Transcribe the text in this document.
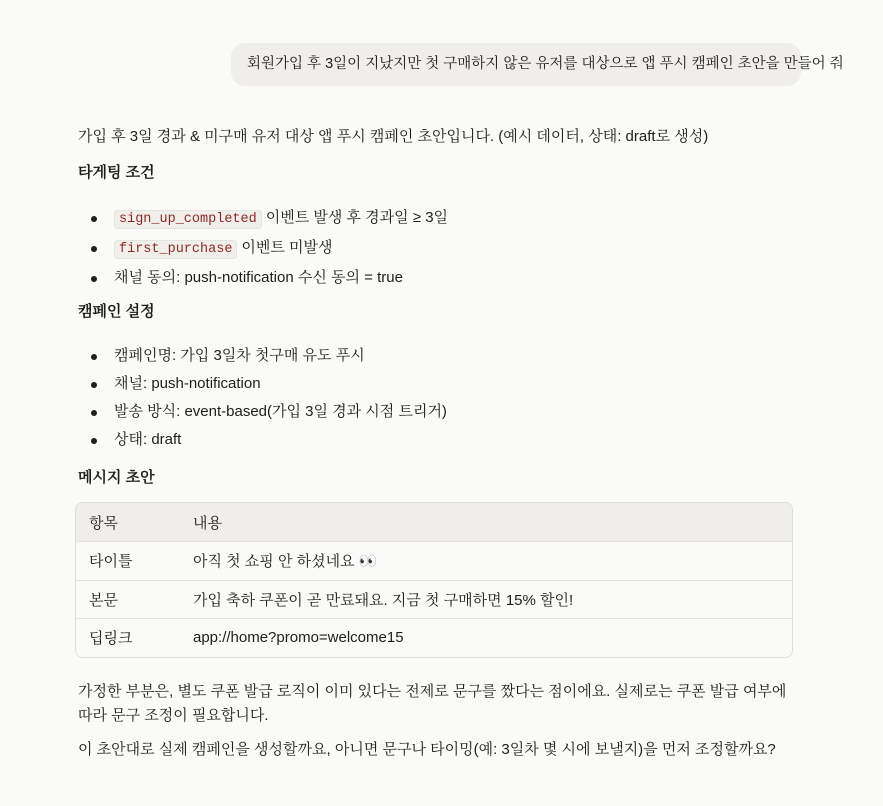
회원가입 후 3일이 지났지만 첫 구매하지 않은 유저를 대상으로 앱 푸시 캠페인 초안을 만들어 줘
가입 후 3일 경과 & 미구매 유저 대상 앱 푸시 캠페인 초안입니다. (예시 데이터, 상태: draft로 생성)
타게팅 조건
sign_up_completed 이벤트 발생 후 경과일 ≥ 3일
first_purchase 이벤트 미발생
채널 동의: push-notification 수신 동의 = true
캠페인 설정
캠페인명: 가입 3일차 첫구매 유도 푸시
채널: push-notification
발송 방식: event-based(가입 3일 경과 시점 트리거)
상태: draft
메시지 초안
항목	내용
타이틀	아직 첫 쇼핑 안 하셨네요 👀
본문	가입 축하 쿠폰이 곧 만료돼요. 지금 첫 구매하면 15% 할인!
딥링크	app://home?promo=welcome15

가정한 부분은, 별도 쿠폰 발급 로직이 이미 있다는 전제로 문구를 짰다는 점이에요. 실제로는 쿠폰 발급 여부에 따라 문구 조정이 필요합니다.

이 초안대로 실제 캠페인을 생성할까요, 아니면 문구나 타이밍(예: 3일차 몇 시에 보낼지)을 먼저 조정할까요?
